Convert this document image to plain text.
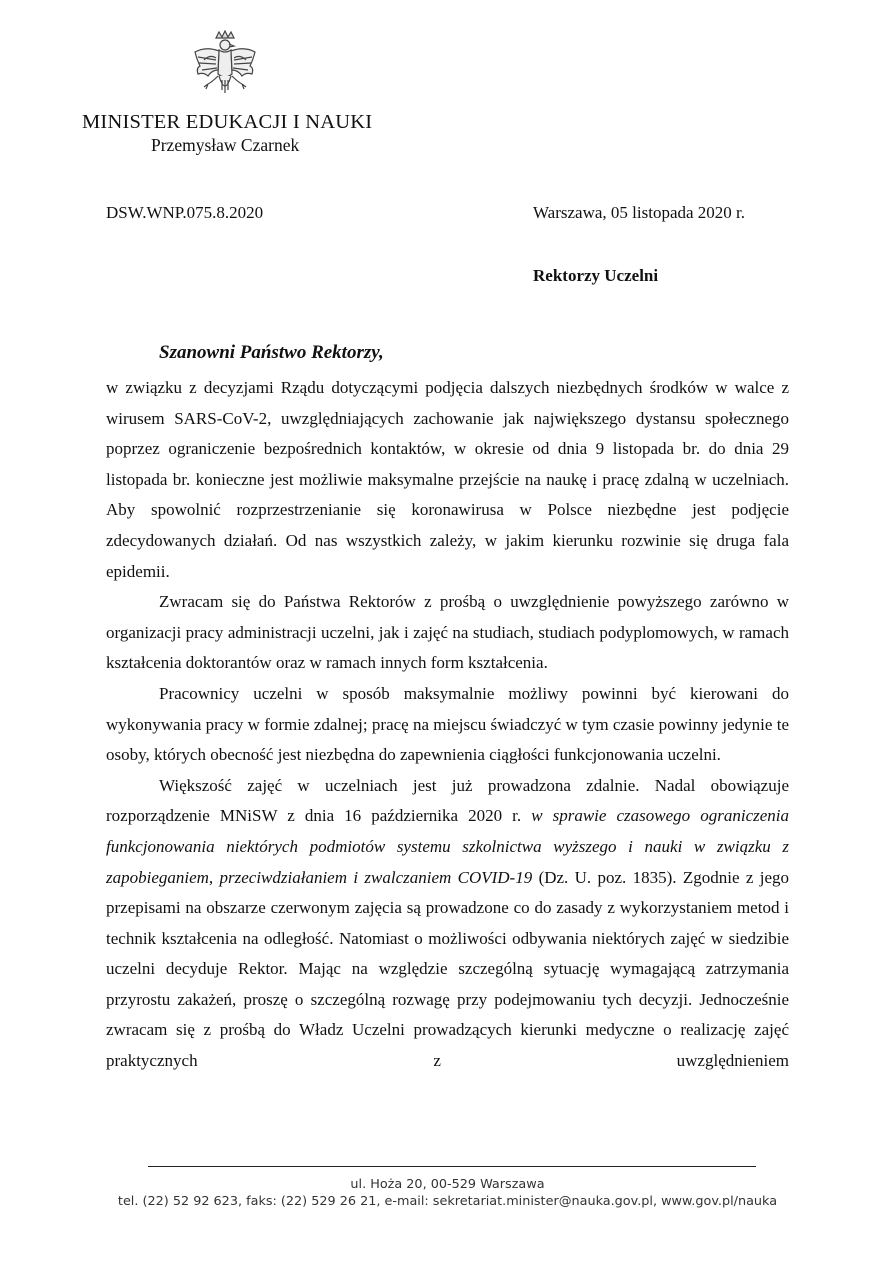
MINISTER EDUKACJI I NAUKI
Przemysław Czarnek
DSW.WNP.075.8.2020	Warszawa, 05 listopada 2020 r.
Rektorzy Uczelni
Szanowni Państwo Rektorzy,

w związku z decyzjami Rządu dotyczącymi podjęcia dalszych niezbędnych środków w walce z wirusem SARS-CoV-2, uwzględniających zachowanie jak największego dystansu społecznego poprzez ograniczenie bezpośrednich kontaktów, w okresie od dnia 9 listopada br. do dnia 29 listopada br. konieczne jest możliwie maksymalne przejście na naukę i pracę zdalną w uczelniach. Aby spowolnić rozprzestrzenianie się koronawirusa w Polsce niezbędne jest podjęcie zdecydowanych działań. Od nas wszystkich zależy, w jakim kierunku rozwinie się druga fala epidemii.

Zwracam się do Państwa Rektorów z prośbą o uwzględnienie powyższego zarówno w organizacji pracy administracji uczelni, jak i zajęć na studiach, studiach podyplomowych, w ramach kształcenia doktorantów oraz w ramach innych form kształcenia.

Pracownicy uczelni w sposób maksymalnie możliwy powinni być kierowani do wykonywania pracy w formie zdalnej; pracę na miejscu świadczyć w tym czasie powinny jedynie te osoby, których obecność jest niezbędna do zapewnienia ciągłości funkcjonowania uczelni.

Większość zajęć w uczelniach jest już prowadzona zdalnie. Nadal obowiązuje rozporządzenie MNiSW z dnia 16 października 2020 r. w sprawie czasowego ograniczenia funkcjonowania niektórych podmiotów systemu szkolnictwa wyższego i nauki w związku z zapobieganiem, przeciwdziałaniem i zwalczaniem COVID-19 (Dz. U. poz. 1835). Zgodnie z jego przepisami na obszarze czerwonym zajęcia są prowadzone co do zasady z wykorzystaniem metod i technik kształcenia na odległość. Natomiast o możliwości odbywania niektórych zajęć w siedzibie uczelni decyduje Rektor. Mając na względzie szczególną sytuację wymagającą zatrzymania przyrostu zakażeń, proszę o szczególną rozwagę przy podejmowaniu tych decyzji. Jednocześnie zwracam się z prośbą do Władz Uczelni prowadzących kierunki medyczne o realizację zajęć praktycznych z uwzględnieniem

ul. Hoża 20, 00-529 Warszawa
tel. (22) 52 92 623, faks: (22) 529 26 21, e-mail: sekretariat.minister@nauka.gov.pl, www.gov.pl/nauka
